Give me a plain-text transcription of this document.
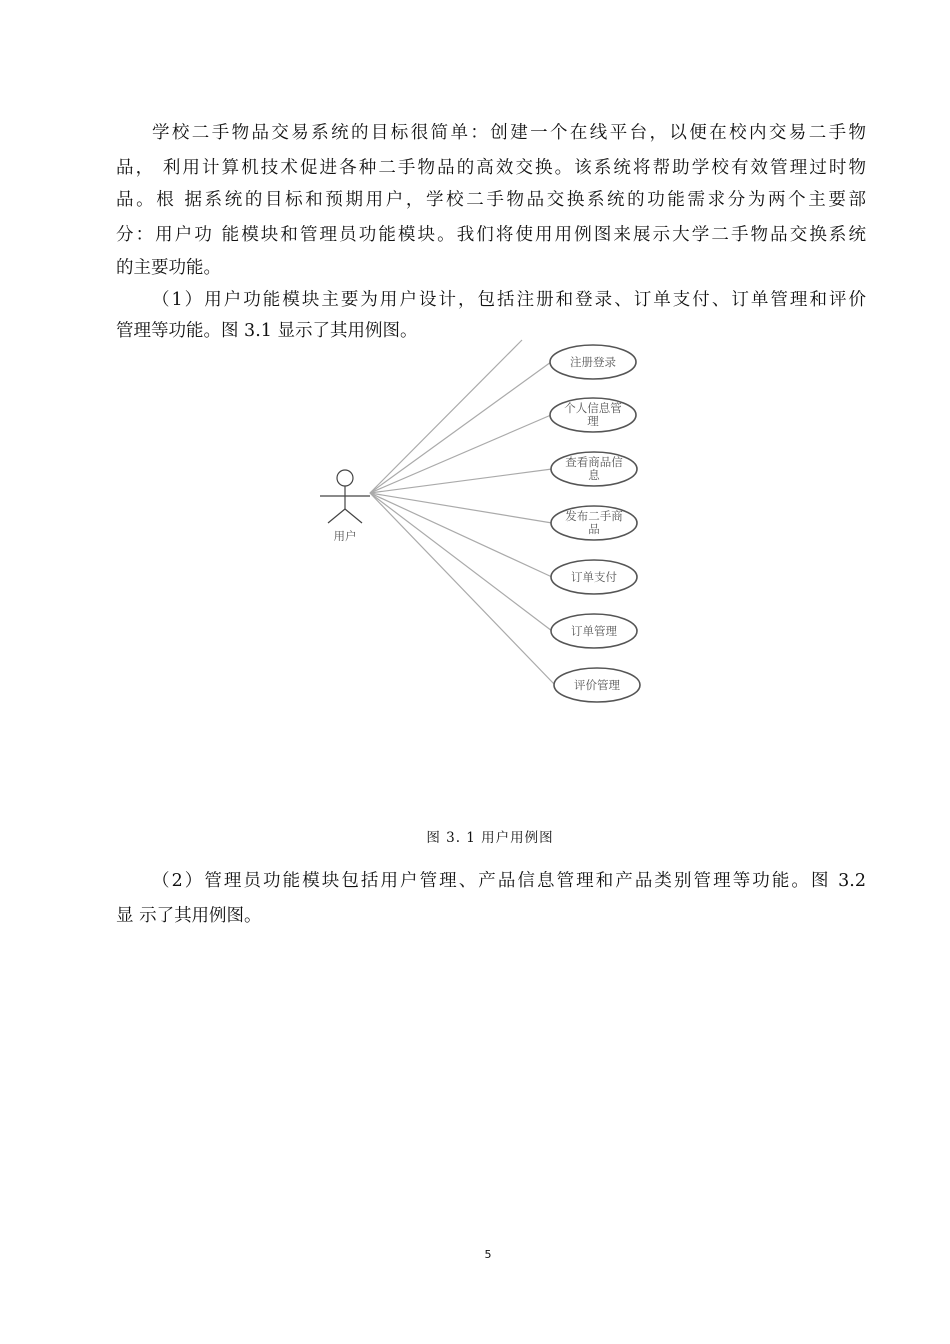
学校二手物品交易系统的目标很简单：创建一个在线平台，以便在校内交易二手物
品， 利用计算机技术促进各种二手物品的高效交换。该系统将帮助学校有效管理过时物
品。根 据系统的目标和预期用户，学校二手物品交换系统的功能需求分为两个主要部
分：用户功 能模块和管理员功能模块。我们将使用用例图来展示大学二手物品交换系统
的主要功能。
（1）用户功能模块主要为用户设计，包括注册和登录、订单支付、订单管理和评价
管理等功能。图 3.1 显示了其用例图。
用户
注册登录
个人信息管
理
查看商品信
息
发布二手商
品
订单支付
订单管理
评价管理
图 3. 1 用户用例图
（2）管理员功能模块包括用户管理、产品信息管理和产品类别管理等功能。图 3.2
显 示了其用例图。
5
